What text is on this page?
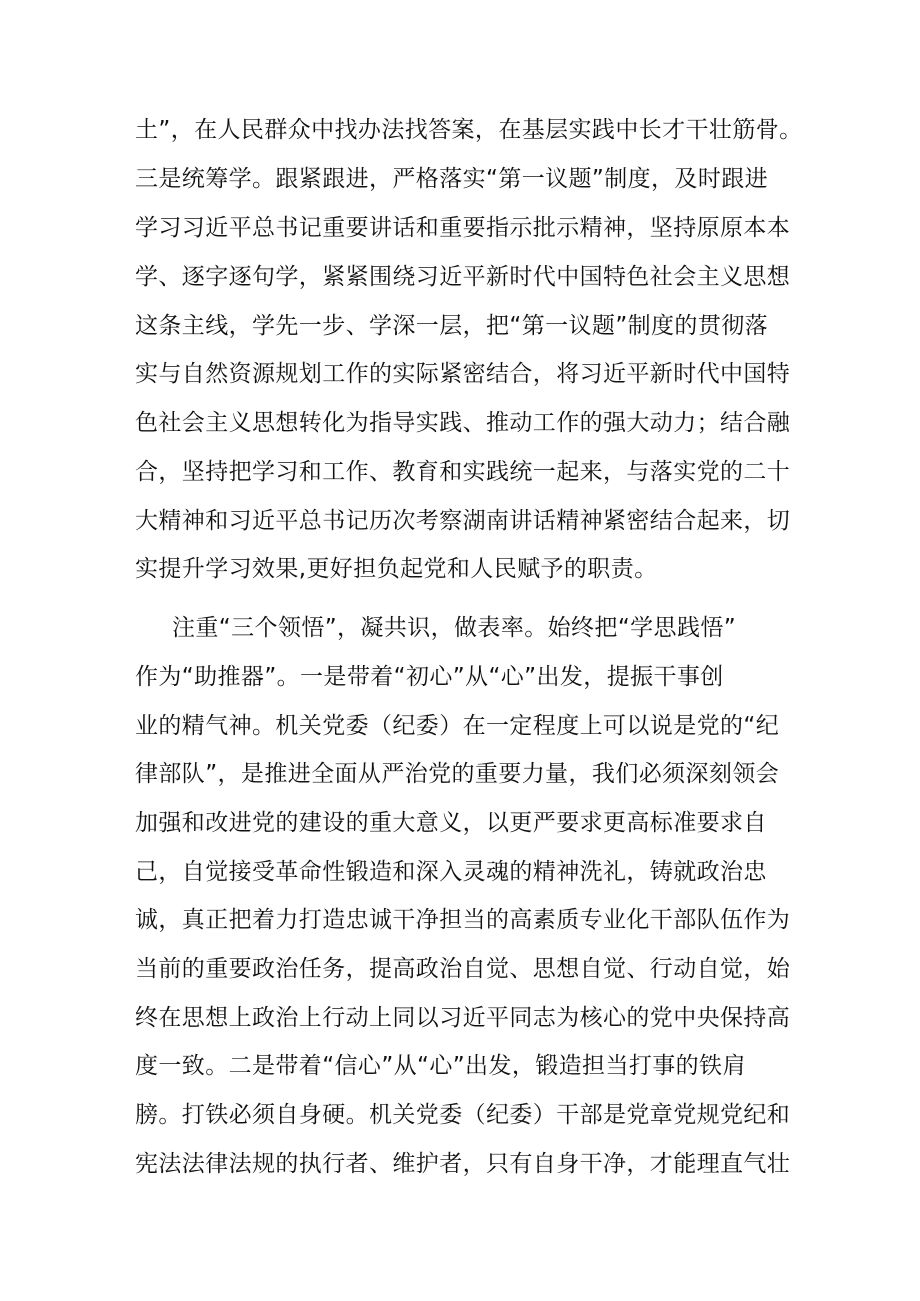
土”，在人民群众中找办法找答案，在基层实践中长才干壮筋骨。
三是统筹学。跟紧跟进，严格落实“第一议题”制度，及时跟进
学习习近平总书记重要讲话和重要指示批示精神，坚持原原本本
学、逐字逐句学，紧紧围绕习近平新时代中国特色社会主义思想
这条主线，学先一步、学深一层，把“第一议题”制度的贯彻落
实与自然资源规划工作的实际紧密结合，将习近平新时代中国特
色社会主义思想转化为指导实践、推动工作的强大动力；结合融
合，坚持把学习和工作、教育和实践统一起来，与落实党的二十
大精神和习近平总书记历次考察湖南讲话精神紧密结合起来，切
实提升学习效果,更好担负起党和人民赋予的职责。
注重“三个领悟”，凝共识，做表率。始终把“学思践悟”
作为“助推器”。一是带着“初心”从“心”出发，提振干事创
业的精气神。机关党委（纪委）在一定程度上可以说是党的“纪
律部队”，是推进全面从严治党的重要力量，我们必须深刻领会
加强和改进党的建设的重大意义，以更严要求更高标准要求自
己，自觉接受革命性锻造和深入灵魂的精神洗礼，铸就政治忠
诚，真正把着力打造忠诚干净担当的高素质专业化干部队伍作为
当前的重要政治任务，提高政治自觉、思想自觉、行动自觉，始
终在思想上政治上行动上同以习近平同志为核心的党中央保持高
度一致。二是带着“信心”从“心”出发，锻造担当打事的铁肩
膀。打铁必须自身硬。机关党委（纪委）干部是党章党规党纪和
宪法法律法规的执行者、维护者，只有自身干净，才能理直气壮
